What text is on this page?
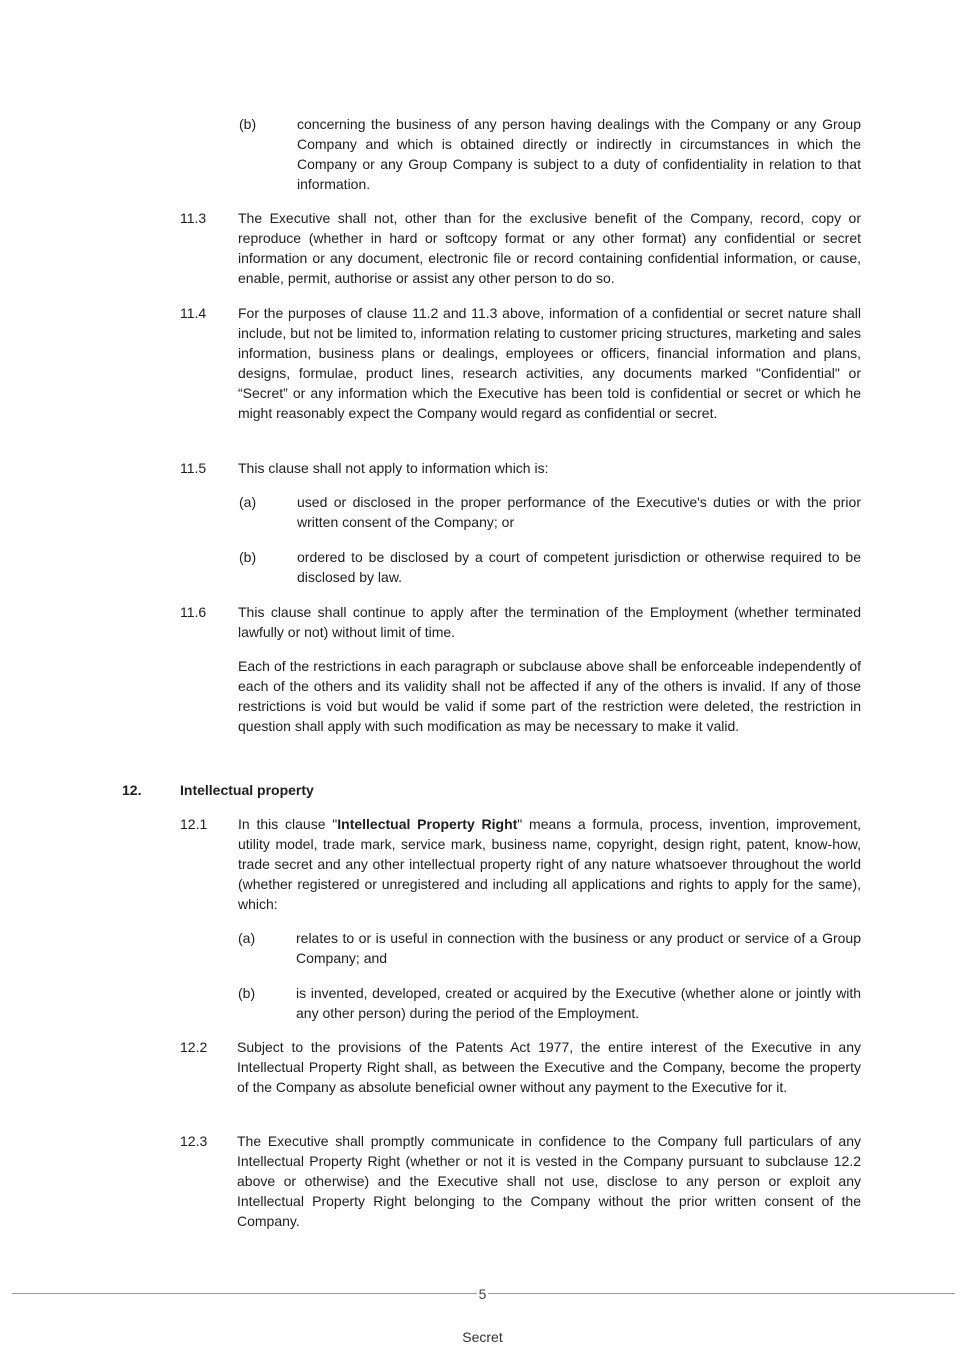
(b)	concerning the business of any person having dealings with the Company or any Group Company and which is obtained directly or indirectly in circumstances in which the Company or any Group Company is subject to a duty of confidentiality in relation to that information.
11.3 The Executive shall not, other than for the exclusive benefit of the Company, record, copy or reproduce (whether in hard or softcopy format or any other format) any confidential or secret information or any document, electronic file or record containing confidential information, or cause, enable, permit, authorise or assist any other person to do so.
11.4 For the purposes of clause 11.2 and 11.3 above, information of a confidential or secret nature shall include, but not be limited to, information relating to customer pricing structures, marketing and sales information, business plans or dealings, employees or officers, financial information and plans, designs, formulae, product lines, research activities, any documents marked "Confidential" or “Secret” or any information which the Executive has been told is confidential or secret or which he might reasonably expect the Company would regard as confidential or secret.
11.5 This clause shall not apply to information which is:
(a)	used or disclosed in the proper performance of the Executive's duties or with the prior written consent of the Company; or
(b)	ordered to be disclosed by a court of competent jurisdiction or otherwise required to be disclosed by law.
11.6 This clause shall continue to apply after the termination of the Employment (whether terminated lawfully or not) without limit of time.
Each of the restrictions in each paragraph or subclause above shall be enforceable independently of each of the others and its validity shall not be affected if any of the others is invalid. If any of those restrictions is void but would be valid if some part of the restriction were deleted, the restriction in question shall apply with such modification as may be necessary to make it valid.
12.	Intellectual property
12.1 In this clause "Intellectual Property Right" means a formula, process, invention, improvement, utility model, trade mark, service mark, business name, copyright, design right, patent, know-how, trade secret and any other intellectual property right of any nature whatsoever throughout the world (whether registered or unregistered and including all applications and rights to apply for the same), which:
(a)	relates to or is useful in connection with the business or any product or service of a Group Company; and
(b)	is invented, developed, created or acquired by the Executive (whether alone or jointly with any other person) during the period of the Employment.
12.2 Subject to the provisions of the Patents Act 1977, the entire interest of the Executive in any Intellectual Property Right shall, as between the Executive and the Company, become the property of the Company as absolute beneficial owner without any payment to the Executive for it.
12.3 The Executive shall promptly communicate in confidence to the Company full particulars of any Intellectual Property Right (whether or not it is vested in the Company pursuant to subclause 12.2 above or otherwise) and the Executive shall not use, disclose to any person or exploit any Intellectual Property Right belonging to the Company without the prior written consent of the Company.
5
Secret
